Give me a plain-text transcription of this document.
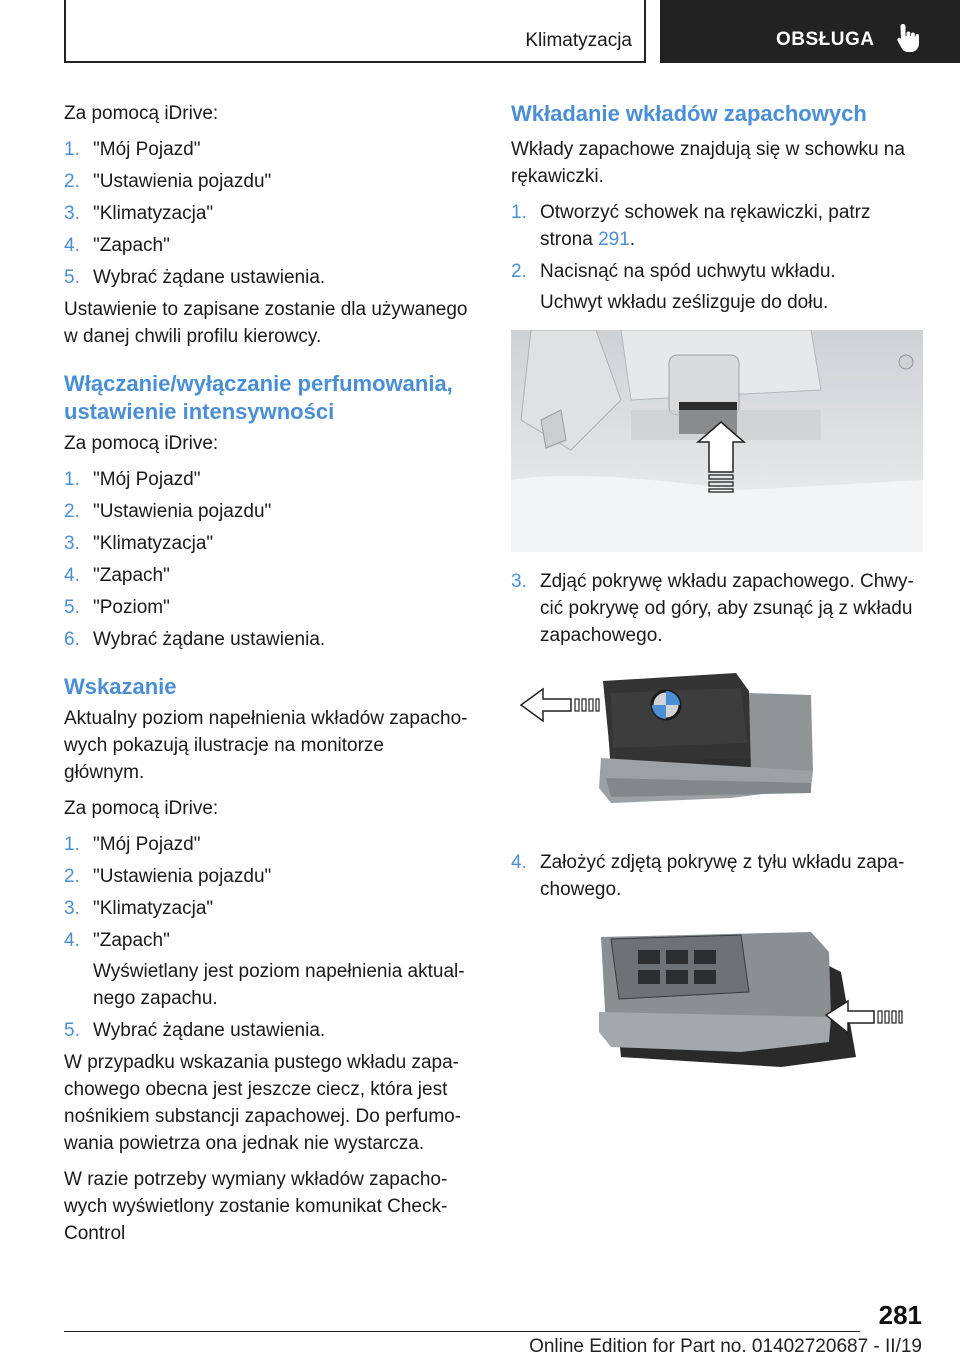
Klimatyzacja	OBSŁUGA

Za pomocą iDrive:

1. "Mój Pojazd"
2. "Ustawienia pojazdu"
3. "Klimatyzacja"
4. "Zapach"
5. Wybrać żądane ustawienia.

Ustawienie to zapisane zostanie dla używanego w danej chwili profilu kierowcy.

Włączanie/wyłączanie perfumowania, ustawienie intensywności

Za pomocą iDrive:

1. "Mój Pojazd"
2. "Ustawienia pojazdu"
3. "Klimatyzacja"
4. "Zapach"
5. "Poziom"
6. Wybrać żądane ustawienia.
Wskazanie

Aktualny poziom napełnienia wkładów zapachowych pokazują ilustracje na monitorze głównym.

Za pomocą iDrive:

1. "Mój Pojazd"
2. "Ustawienia pojazdu"
3. "Klimatyzacja"
4. "Zapach"

Wyświetlany jest poziom napełnienia aktualnego zapachu.

5. Wybrać żądane ustawienia.

W przypadku wskazania pustego wkładu zapachowego obecna jest jeszcze ciecz, która jest nośnikiem substancji zapachowej. Do perfumowania powietrza ona jednak nie wystarcza.

W razie potrzeby wymiany wkładów zapachowych wyświetlony zostanie komunikat Check-Control

Wkładanie wkładów zapachowych

Wkłady zapachowe znajdują się w schowku na rękawiczki.

1. Otworzyć schowek na rękawiczki, patrz strona 291.
2. Nacisnąć na spód uchwytu wkładu.

Uchwyt wkładu ześlizguje do dołu.

3. Zdjąć pokrywę wkładu zapachowego. Chwycić pokrywę od góry, aby zsunąć ją z wkładu zapachowego.
4. Założyć zdjętą pokrywę z tyłu wkładu zapachowego.
281
Online Edition for Part no. 01402720687 - II/19
